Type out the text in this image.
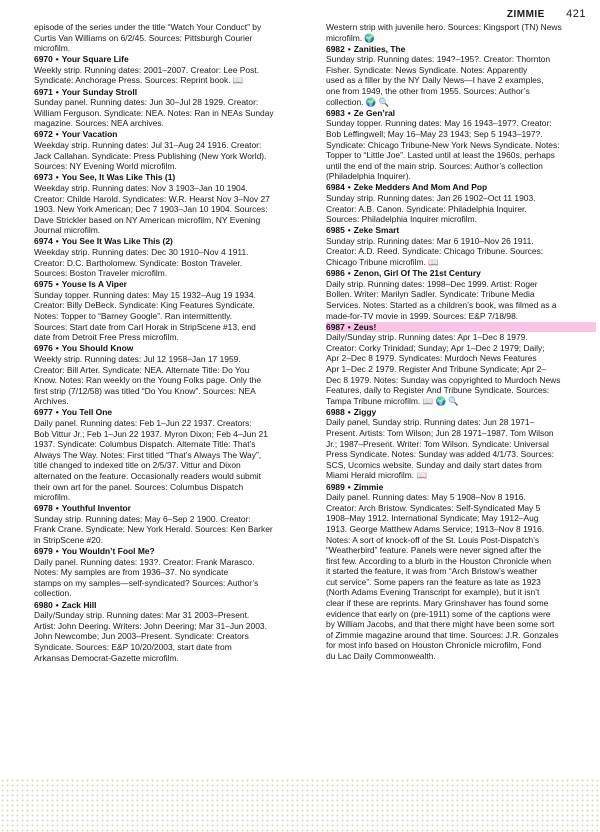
ZIMMIE 421
episode of the series under the title “Watch Your Conduct” by
Curtis Van Williams on 6/2/45. Sources: Pittsburgh Courier
microfilm.
6970 • Your Square Life
Weekly strip. Running dates: 2001–2007. Creator: Lee Post.
Syndicate: Anchorage Press. Sources: Reprint book. 📖
6971 • Your Sunday Stroll
Sunday panel. Running dates: Jun 30–Jul 28 1929. Creator:
William Ferguson. Syndicate: NEA. Notes: Ran in NEAs Sunday
magazine. Sources: NEA archives.
6972 • Your Vacation
Weekday strip. Running dates: Jul 31–Aug 24 1916. Creator:
Jack Callahan. Syndicate: Press Publishing (New York World).
Sources: NY Evening World microfilm.
6973 • You See, It Was Like This (1)
Weekday strip. Running dates: Nov 3 1903–Jan 10 1904.
Creator: Childe Harold. Syndicates: W.R. Hearst Nov 3–Nov 27
1903. New York American; Dec 7 1903–Jan 10 1904. Sources:
Dave Strickler based on NY American microfilm, NY Evening
Journal microfilm.
6974 • You See It Was Like This (2)
Weekday strip. Running dates: Dec 30 1910–Nov 4 1911.
Creator: D.C. Bartholomew. Syndicate: Boston Traveler.
Sources: Boston Traveler microfilm.
6975 • Youse Is A Viper
Sunday topper. Running dates: May 15 1932–Aug 19 1934.
Creator: Billy DeBeck. Syndicate: King Features Syndicate.
Notes: Topper to “Barney Google”. Ran intermittently.
Sources: Start date from Carl Horak in StripScene #13, end
date from Detroit Free Press microfilm.
6976 • You Should Know
Weekly strip. Running dates: Jul 12 1958–Jan 17 1959.
Creator: Bill Arter. Syndicate: NEA. Alternate Title: Do You
Know. Notes: Ran weekly on the Young Folks page. Only the
first strip (7/12/58) was titled “Do You Know”. Sources: NEA
Archives.
6977 • You Tell One
Daily panel. Running dates: Feb 1–Jun 22 1937. Creators:
Bob Vittur Jr.; Feb 1–Jun 22 1937. Myron Dixon; Feb 4–Jun 21
1937. Syndicate: Columbus Dispatch. Alternate Title: That’s
Always The Way. Notes: First titled “That’s Always The Way”,
title changed to indexed title on 2/5/37. Vittur and Dixon
alternated on the feature. Occasionally readers would submit
their own art for the panel. Sources: Columbus Dispatch
microfilm.
6978 • Youthful Inventor
Sunday strip. Running dates: May 6–Sep 2 1900. Creator:
Frank Crane. Syndicate: New York Herald. Sources: Ken Barker
in StripScene #20.
6979 • You Wouldn’t Fool Me?
Daily panel. Running dates: 193?. Creator: Frank Marasco.
Notes: My samples are from 1936–37. No syndicate
stamps on my samples—self-syndicated? Sources: Author’s
collection.
6980 • Zack Hill
Daily/Sunday strip. Running dates: Mar 31 2003–Present.
Artist: John Deering. Writers: John Deering; Mar 31–Jun 2003.
John Newcombe; Jun 2003–Present. Syndicate: Creators
Syndicate. Sources: E&P 10/20/2003, start date from
Arkansas Democrat-Gazette microfilm.
Western strip with juvenile hero. Sources: Kingsport (TN) News
microfilm. 🌍
6982 • Zanities, The
Sunday strip. Running dates: 194?–195?. Creator: Thornton
Fisher. Syndicate: News Syndicate. Notes: Apparently
used as a filler by the NY Daily News—I have 2 examples,
one from 1949, the other from 1955. Sources: Author’s
collection. 🌍 🔍
6983 • Ze Gen’ral
Sunday topper. Running dates: May 16 1943–197?. Creator:
Bob Leffingwell; May 16–May 23 1943; Sep 5 1943–197?.
Syndicate: Chicago Tribune-New York News Syndicate. Notes:
Topper to “Little Joe”. Lasted until at least the 1960s, perhaps
until the end of the main strip. Sources: Author’s collection
(Philadelphia Inquirer).
6984 • Zeke Medders And Mom And Pop
Sunday strip. Running dates: Jan 26 1902–Oct 11 1903.
Creator: A.B. Canon. Syndicate: Philadelphia Inquirer.
Sources: Philadelphia Inquirer microfilm.
6985 • Zeke Smart
Sunday strip. Running dates: Mar 6 1910–Nov 26 1911.
Creator: A.D. Reed. Syndicate: Chicago Tribune. Sources:
Chicago Tribune microfilm. 📖
6986 • Zenon, Girl Of The 21st Century
Daily strip. Running dates: 1998–Dec 1999. Artist: Roger
Bollen. Writer: Marilyn Sadler. Syndicate: Tribune Media
Services. Notes: Started as a children’s book, was filmed as a
made-for-TV movie in 1999. Sources: E&P 7/18/98.
6987 • Zeus!
Daily/Sunday strip. Running dates: Apr 1–Dec 8 1979.
Creator: Corky Trinidad; Sunday; Apr 1–Dec 2 1979; Daily;
Apr 2–Dec 8 1979. Syndicates: Murdoch News Features
Apr 1–Dec 2 1979. Register And Tribune Syndicate; Apr 2–
Dec 8 1979. Notes: Sunday was copyrighted to Murdoch News
Features, daily to Register And Tribune Syndicate. Sources:
Tampa Tribune microfilm. 📖 🌍 🔍
6988 • Ziggy
Daily panel, Sunday strip. Running dates: Jun 28 1971–
Present. Artists: Tom Wilson; Jun 28 1971–1987. Tom Wilson
Jr.; 1987–Present. Writer: Tom Wilson. Syndicate: Universal
Press Syndicate. Notes: Sunday was added 4/1/73. Sources:
SCS, Ucomics website. Sunday and daily start dates from
Miami Herald microfilm. 📖
6989 • Zimmie
Daily panel. Running dates: May 5 1908–Nov 8 1916.
Creator: Arch Bristow. Syndicates: Self-Syndicated May 5
1908–May 1912. International Syndicate; May 1912–Aug
1913. George Matthew Adams Service; 1913–Nov 8 1916.
Notes: A sort of knock-off of the St. Louis Post-Dispatch’s
“Weatherbird” feature. Panels were never signed after the
first few. According to a blurb in the Houston Chronicle when
it started the feature, it was from “Arch Bristow’s weather
cut service”. Some papers ran the feature as late as 1923
(North Adams Evening Transcript for example), but it isn’t
clear if these are reprints. Mary Grinshaver has found some
evidence that early on (pre-1911) some of the captions were
by William Jacobs, and that there might have been some sort
of Zimmie magazine around that time. Sources: J.R. Gonzales
for most info based on Houston Chronicle microfilm, Fond
du Lac Daily Commonwealth.
